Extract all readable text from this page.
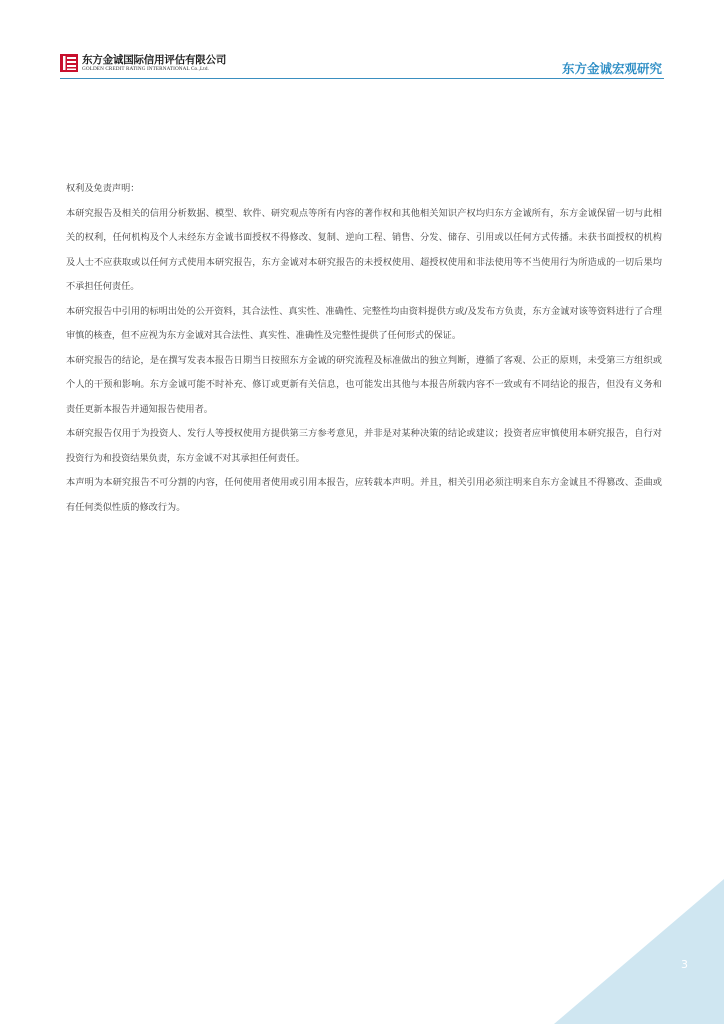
东方金诚国际信用评估有限公司
GOLDEN CREDIT RATING INTERNATIONAL Co.,Ltd.	东方金诚宏观研究

权利及免责声明：

本研究报告及相关的信用分析数据、模型、软件、研究观点等所有内容的著作权和其他相关知识产权均归东方金诚所有，东方金诚保留一切与此相关的权利，任何机构及个人未经东方金诚书面授权不得修改、复制、逆向工程、销售、分发、储存、引用或以任何方式传播。未获书面授权的机构及人士不应获取或以任何方式使用本研究报告，东方金诚对本研究报告的未授权使用、超授权使用和非法使用等不当使用行为所造成的一切后果均不承担任何责任。

本研究报告中引用的标明出处的公开资料，其合法性、真实性、准确性、完整性均由资料提供方或/及发布方负责，东方金诚对该等资料进行了合理审慎的核查，但不应视为东方金诚对其合法性、真实性、准确性及完整性提供了任何形式的保证。

本研究报告的结论，是在撰写发表本报告日期当日按照东方金诚的研究流程及标准做出的独立判断，遵循了客观、公正的原则，未受第三方组织或个人的干预和影响。东方金诚可能不时补充、修订或更新有关信息，也可能发出其他与本报告所载内容不一致或有不同结论的报告，但没有义务和责任更新本报告并通知报告使用者。

本研究报告仅用于为投资人、发行人等授权使用方提供第三方参考意见，并非是对某种决策的结论或建议；投资者应审慎使用本研究报告，自行对投资行为和投资结果负责，东方金诚不对其承担任何责任。

本声明为本研究报告不可分割的内容，任何使用者使用或引用本报告，应转载本声明。并且，相关引用必须注明来自东方金诚且不得篡改、歪曲或有任何类似性质的修改行为。

3
